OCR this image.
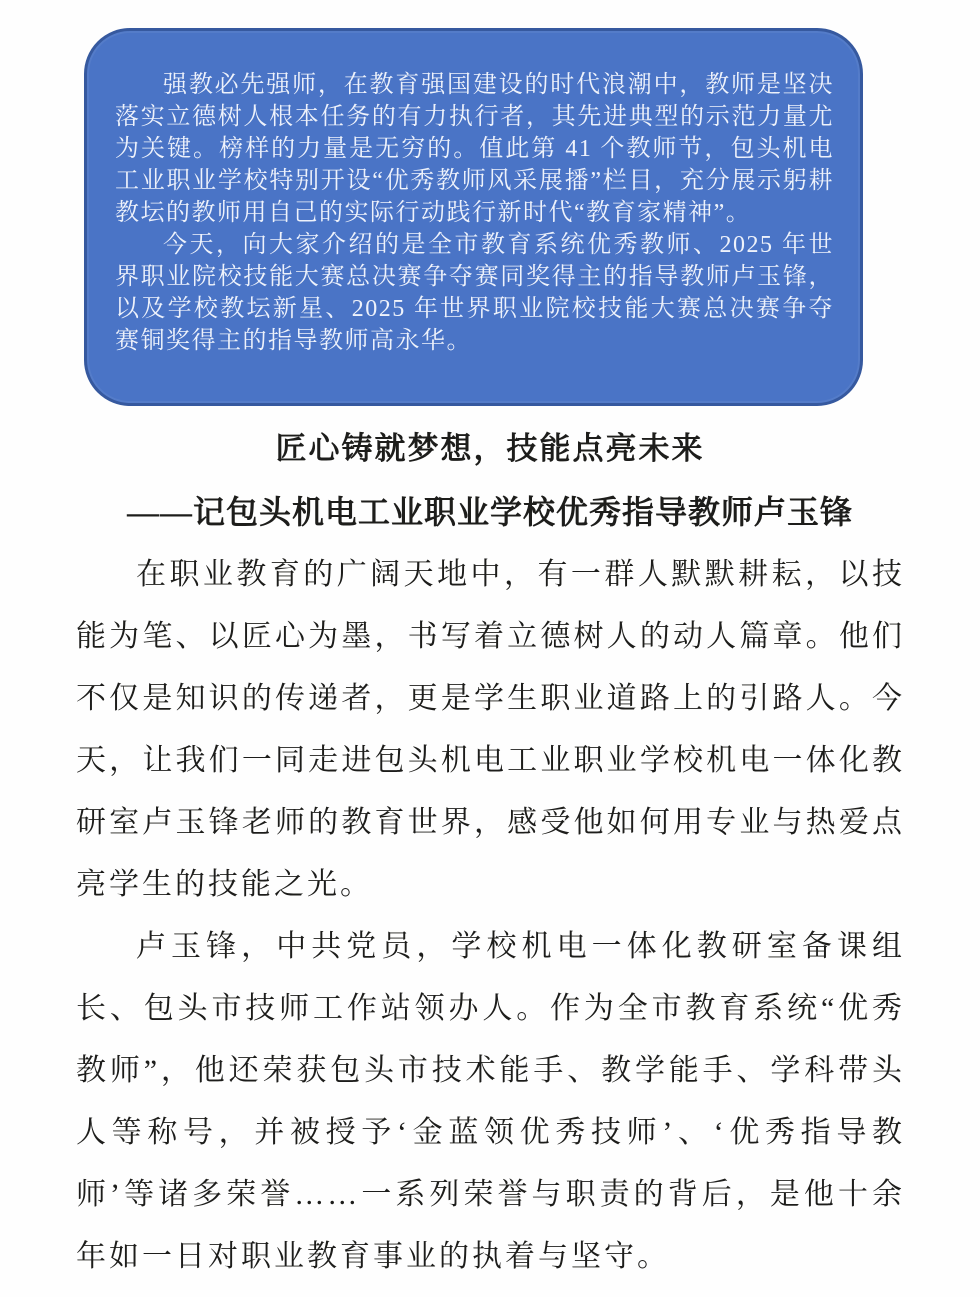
强教必先强师，在教育强国建设的时代浪潮中，教师是坚决落实立德树人根本任务的有力执行者，其先进典型的示范力量尤为关键。榜样的力量是无穷的。值此第 41 个教师节，包头机电工业职业学校特别开设“优秀教师风采展播”栏目，充分展示躬耕教坛的教师用自己的实际行动践行新时代“教育家精神”。

今天，向大家介绍的是全市教育系统优秀教师、2025 年世界职业院校技能大赛总决赛争夺赛同奖得主的指导教师卢玉锋，以及学校教坛新星、2025 年世界职业院校技能大赛总决赛争夺赛铜奖得主的指导教师高永华。

匠心铸就梦想，技能点亮未来
——记包头机电工业职业学校优秀指导教师卢玉锋

在职业教育的广阔天地中，有一群人默默耕耘，以技能为笔、以匠心为墨，书写着立德树人的动人篇章。他们不仅是知识的传递者，更是学生职业道路上的引路人。今天，让我们一同走进包头机电工业职业学校机电一体化教研室卢玉锋老师的教育世界，感受他如何用专业与热爱点亮学生的技能之光。

卢玉锋，中共党员，学校机电一体化教研室备课组长、包头市技师工作站领办人。作为全市教育系统“优秀教师”，他还荣获包头市技术能手、教学能手、学科带头人等称号，并被授予‘金蓝领优秀技师’、‘优秀指导教师’等诸多荣誉……一系列荣誉与职责的背后，是他十余年如一日对职业教育事业的执着与坚守。
